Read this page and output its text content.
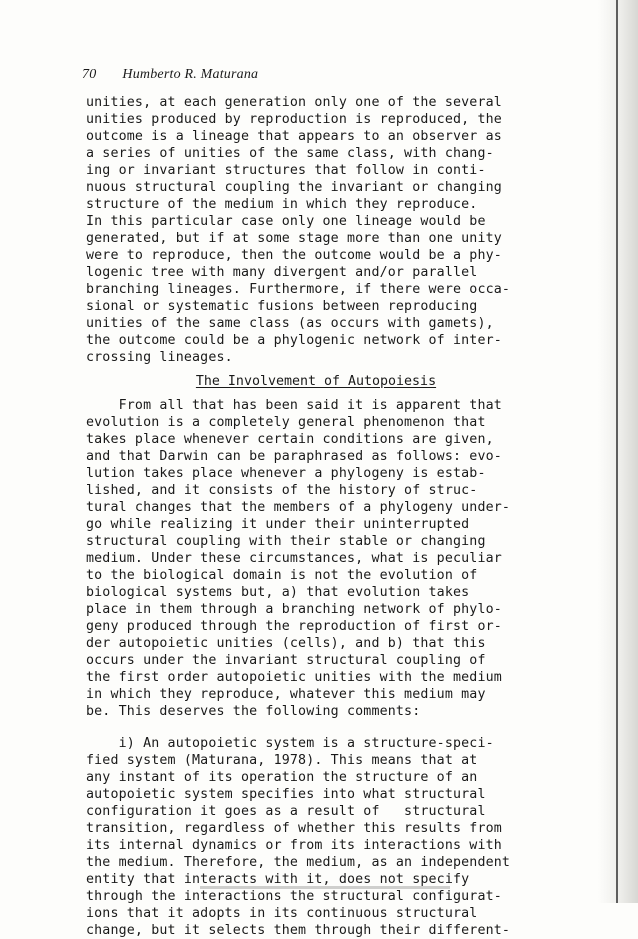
70 Humberto R. Maturana
unities, at each generation only one of the several
unities produced by reproduction is reproduced, the
outcome is a lineage that appears to an observer as
a series of unities of the same class, with chang-
ing or invariant structures that follow in conti-
nuous structural coupling the invariant or changing
structure of the medium in which they reproduce.
In this particular case only one lineage would be
generated, but if at some stage more than one unity
were to reproduce, then the outcome would be a phy-
logenic tree with many divergent and/or parallel
branching lineages. Furthermore, if there were occa-
sional or systematic fusions between reproducing
unities of the same class (as occurs with gamets),
the outcome could be a phylogenic network of inter-
crossing lineages.
The Involvement of Autopoiesis
From all that has been said it is apparent that
evolution is a completely general phenomenon that
takes place whenever certain conditions are given,
and that Darwin can be paraphrased as follows: evo-
lution takes place whenever a phylogeny is estab-
lished, and it consists of the history of struc-
tural changes that the members of a phylogeny under-
go while realizing it under their uninterrupted
structural coupling with their stable or changing
medium. Under these circumstances, what is peculiar
to the biological domain is not the evolution of
biological systems but, a) that evolution takes
place in them through a branching network of phylo-
geny produced through the reproduction of first or-
der autopoietic unities (cells), and b) that this
occurs under the invariant structural coupling of
the first order autopoietic unities with the medium
in which they reproduce, whatever this medium may
be. This deserves the following comments:
i) An autopoietic system is a structure-speci-
fied system (Maturana, 1978). This means that at
any instant of its operation the structure of an
autopoietic system specifies into what structural
configuration it goes as a result of   structural
transition, regardless of whether this results from
its internal dynamics or from its interactions with
the medium. Therefore, the medium, as an independent
entity that interacts with it, does not specify
through the interactions the structural configurat-
ions that it adopts in its continuous structural
change, but it selects them through their different-
